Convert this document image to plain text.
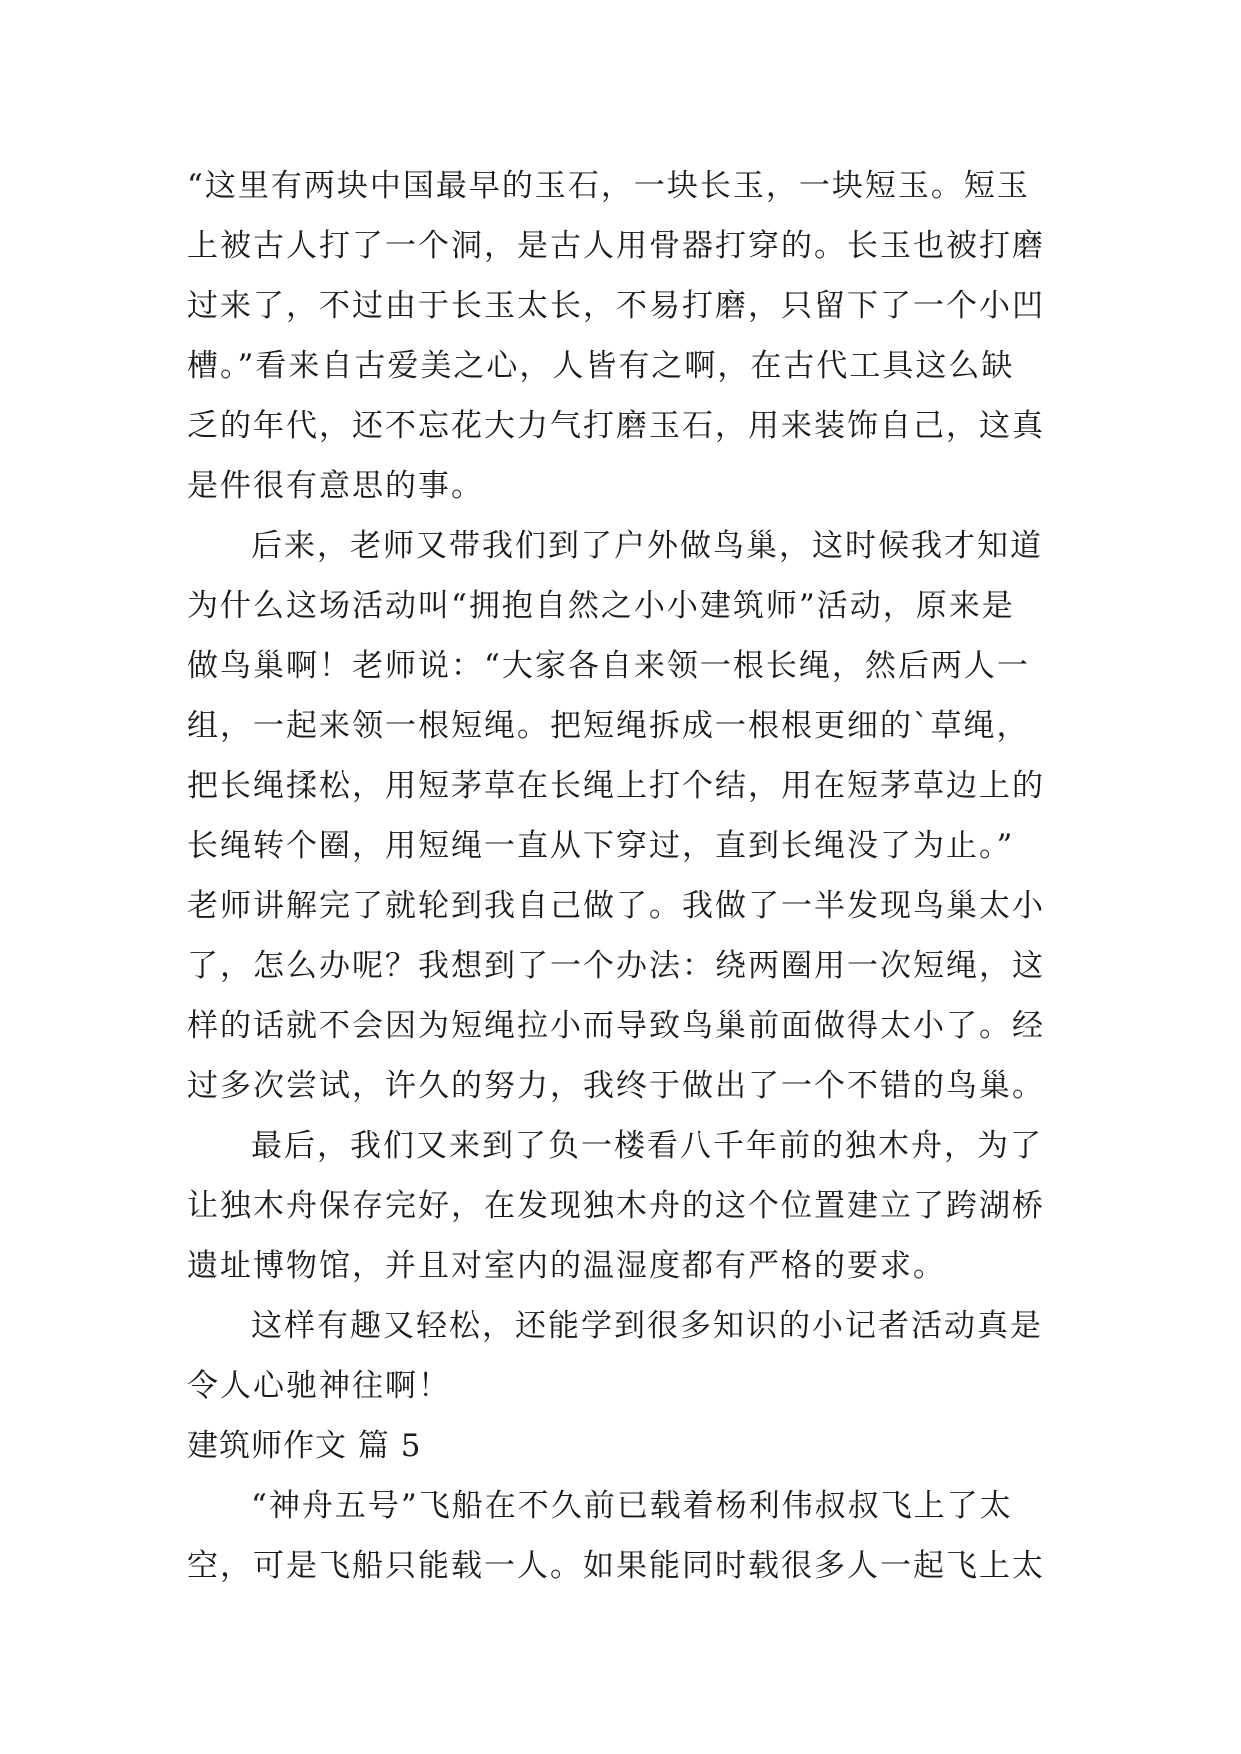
“这里有两块中国最早的玉石，一块长玉，一块短玉。短玉
上被古人打了一个洞，是古人用骨器打穿的。长玉也被打磨
过来了，不过由于长玉太长，不易打磨，只留下了一个小凹
槽。”看来自古爱美之心，人皆有之啊，在古代工具这么缺
乏的年代，还不忘花大力气打磨玉石，用来装饰自己，这真
是件很有意思的事。
后来，老师又带我们到了户外做鸟巢，这时候我才知道
为什么这场活动叫“拥抱自然之小小建筑师”活动，原来是
做鸟巢啊！老师说：“大家各自来领一根长绳，然后两人一
组，一起来领一根短绳。把短绳拆成一根根更细的`草绳，
把长绳揉松，用短茅草在长绳上打个结，用在短茅草边上的
长绳转个圈，用短绳一直从下穿过，直到长绳没了为止。”
老师讲解完了就轮到我自己做了。我做了一半发现鸟巢太小
了，怎么办呢？我想到了一个办法：绕两圈用一次短绳，这
样的话就不会因为短绳拉小而导致鸟巢前面做得太小了。经
过多次尝试，许久的努力，我终于做出了一个不错的鸟巢。
最后，我们又来到了负一楼看八千年前的独木舟，为了
让独木舟保存完好，在发现独木舟的这个位置建立了跨湖桥
遗址博物馆，并且对室内的温湿度都有严格的要求。
这样有趣又轻松，还能学到很多知识的小记者活动真是
令人心驰神往啊！
建筑师作文 篇 5
“神舟五号”飞船在不久前已载着杨利伟叔叔飞上了太
空，可是飞船只能载一人。如果能同时载很多人一起飞上太
